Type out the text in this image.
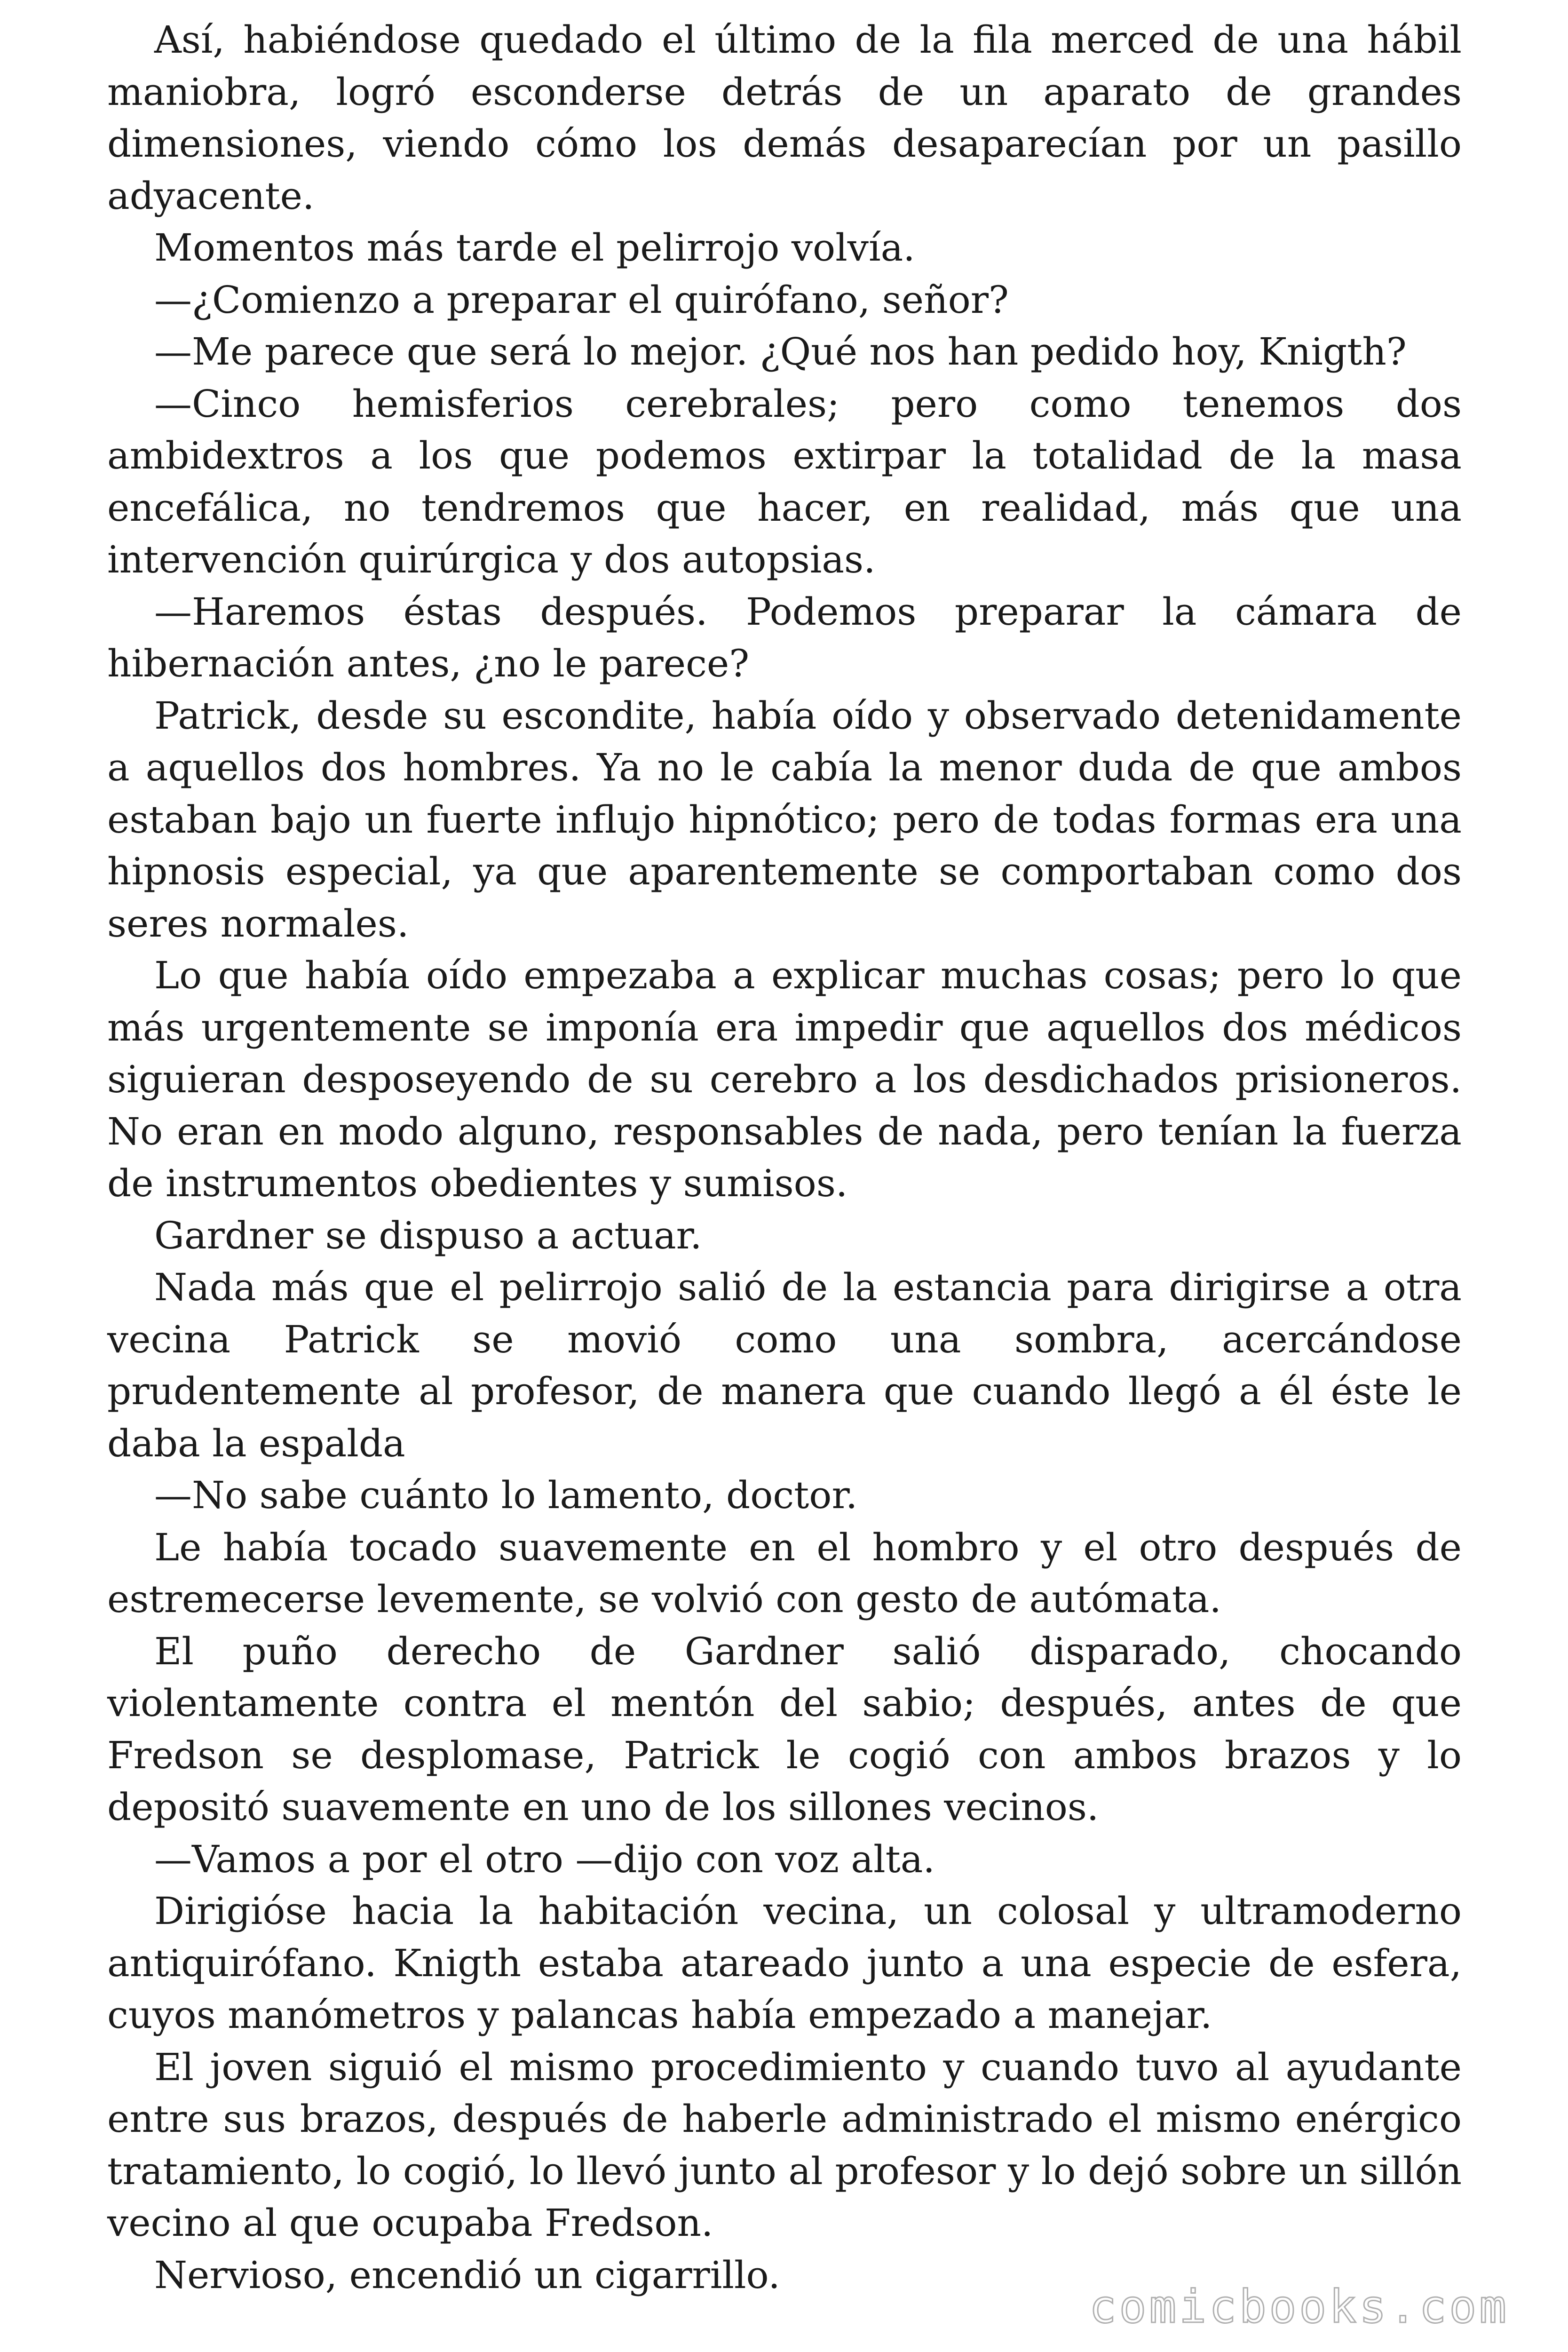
Así, habiéndose quedado el último de la fila merced de una hábil maniobra, logró esconderse detrás de un aparato de grandes dimensiones, viendo cómo los demás desaparecían por un pasillo adyacente.

Momentos más tarde el pelirrojo volvía.

—¿Comienzo a preparar el quirófano, señor?

—Me parece que será lo mejor. ¿Qué nos han pedido hoy, Knigth?

—Cinco hemisferios cerebrales; pero como tenemos dos ambidextros a los que podemos extirpar la totalidad de la masa encefálica, no tendremos que hacer, en realidad, más que una intervención quirúrgica y dos autopsias.

—Haremos éstas después. Podemos preparar la cámara de hibernación antes, ¿no le parece?

Patrick, desde su escondite, había oído y observado detenidamente a aquellos dos hombres. Ya no le cabía la menor duda de que ambos estaban bajo un fuerte influjo hipnótico; pero de todas formas era una hipnosis especial, ya que aparentemente se comportaban como dos seres normales.

Lo que había oído empezaba a explicar muchas cosas; pero lo que más urgentemente se imponía era impedir que aquellos dos médicos siguieran desposeyendo de su cerebro a los desdichados prisioneros. No eran en modo alguno, responsables de nada, pero tenían la fuerza de instrumentos obedientes y sumisos.

Gardner se dispuso a actuar.

Nada más que el pelirrojo salió de la estancia para dirigirse a otra vecina Patrick se movió como una sombra, acercándose prudentemente al profesor, de manera que cuando llegó a él éste le daba la espalda

—No sabe cuánto lo lamento, doctor.

Le había tocado suavemente en el hombro y el otro después de estremecerse levemente, se volvió con gesto de autómata.

El puño derecho de Gardner salió disparado, chocando violentamente contra el mentón del sabio; después, antes de que Fredson se desplomase, Patrick le cogió con ambos brazos y lo depositó suavemente en uno de los sillones vecinos.

—Vamos a por el otro —dijo con voz alta.

Dirigióse hacia la habitación vecina, un colosal y ultramoderno antiquirófano. Knigth estaba atareado junto a una especie de esfera, cuyos manómetros y palancas había empezado a manejar.

El joven siguió el mismo procedimiento y cuando tuvo al ayudante entre sus brazos, después de haberle administrado el mismo enérgico tratamiento, lo cogió, lo llevó junto al profesor y lo dejó sobre un sillón vecino al que ocupaba Fredson.

Nervioso, encendió un cigarrillo.

comicbooks.com
